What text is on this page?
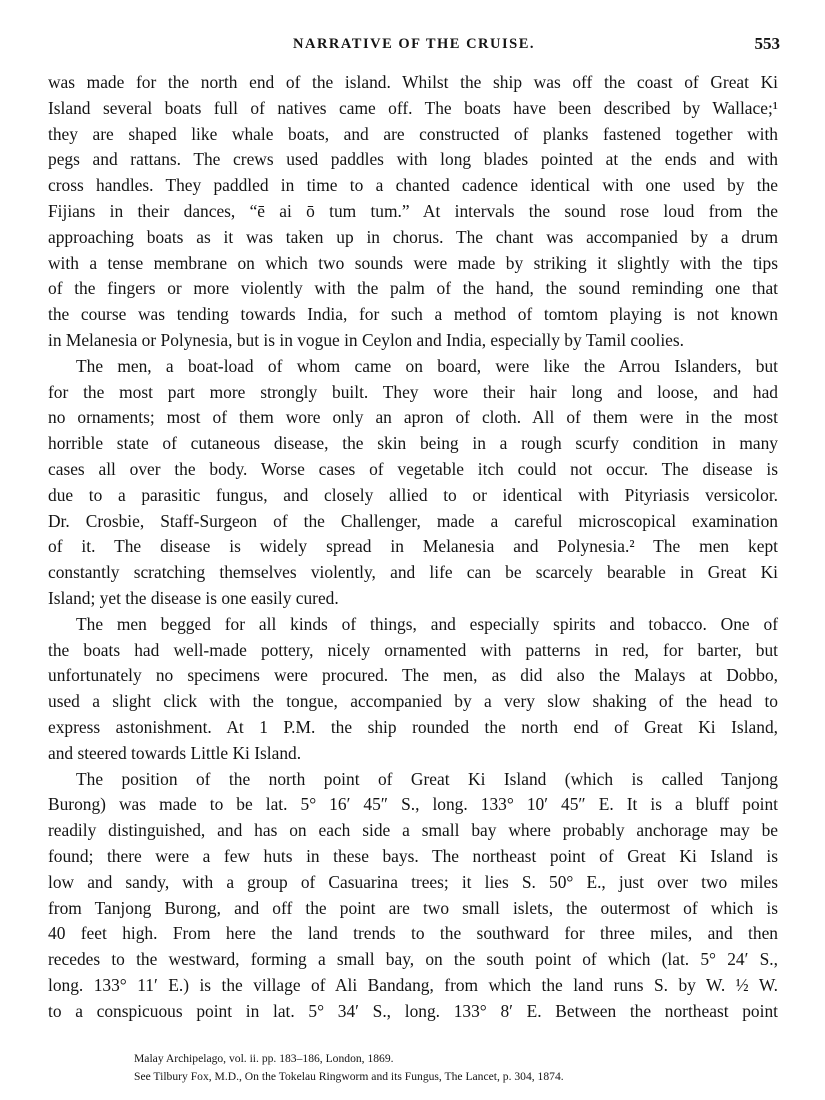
NARRATIVE OF THE CRUISE.	553
was made for the north end of the island. Whilst the ship was off the coast of Great Ki
Island several boats full of natives came off. The boats have been described by Wallace;¹
they are shaped like whale boats, and are constructed of planks fastened together with
pegs and rattans. The crews used paddles with long blades pointed at the ends and with
cross handles. They paddled in time to a chanted cadence identical with one used by the
Fijians in their dances, “ē ai ō tum tum.” At intervals the sound rose loud from the
approaching boats as it was taken up in chorus. The chant was accompanied by a drum
with a tense membrane on which two sounds were made by striking it slightly with the tips
of the fingers or more violently with the palm of the hand, the sound reminding one that
the course was tending towards India, for such a method of tomtom playing is not known
in Melanesia or Polynesia, but is in vogue in Ceylon and India, especially by Tamil coolies.
The men, a boat-load of whom came on board, were like the Arrou Islanders, but
for the most part more strongly built. They wore their hair long and loose, and had
no ornaments; most of them wore only an apron of cloth. All of them were in the most
horrible state of cutaneous disease, the skin being in a rough scurfy condition in many
cases all over the body. Worse cases of vegetable itch could not occur. The disease is
due to a parasitic fungus, and closely allied to or identical with Pityriasis versicolor.
Dr. Crosbie, Staff-Surgeon of the Challenger, made a careful microscopical examination
of it. The disease is widely spread in Melanesia and Polynesia.² The men kept
constantly scratching themselves violently, and life can be scarcely bearable in Great Ki
Island; yet the disease is one easily cured.
The men begged for all kinds of things, and especially spirits and tobacco. One of
the boats had well-made pottery, nicely ornamented with patterns in red, for barter, but
unfortunately no specimens were procured. The men, as did also the Malays at Dobbo,
used a slight click with the tongue, accompanied by a very slow shaking of the head to
express astonishment. At 1 P.M. the ship rounded the north end of Great Ki Island,
and steered towards Little Ki Island.
The position of the north point of Great Ki Island (which is called Tanjong
Burong) was made to be lat. 5° 16′ 45″ S., long. 133° 10′ 45″ E. It is a bluff point
readily distinguished, and has on each side a small bay where probably anchorage may be
found; there were a few huts in these bays. The northeast point of Great Ki Island is
low and sandy, with a group of Casuarina trees; it lies S. 50° E., just over two miles
from Tanjong Burong, and off the point are two small islets, the outermost of which is
40 feet high. From here the land trends to the southward for three miles, and then
recedes to the westward, forming a small bay, on the south point of which (lat. 5° 24′ S.,
long. 133° 11′ E.) is the village of Ali Bandang, from which the land runs S. by W. ½ W.
to a conspicuous point in lat. 5° 34′ S., long. 133° 8′ E. Between the northeast point
Malay Archipelago, vol. ii. pp. 183–186, London, 1869.
See Tilbury Fox, M.D., On the Tokelau Ringworm and its Fungus, The Lancet, p. 304, 1874.
